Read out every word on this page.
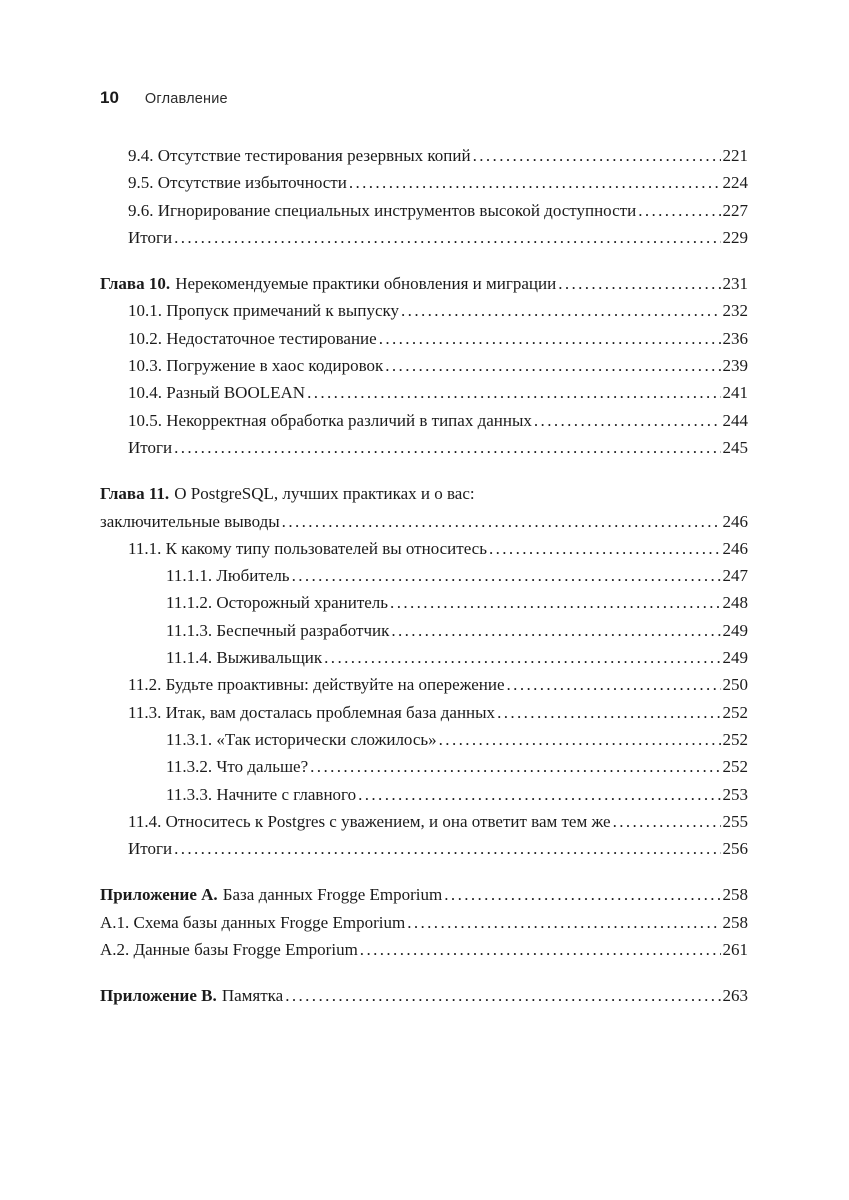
10 Оглавление
9.4. Отсутствие тестирования резервных копий .....	221
9.5. Отсутствие избыточности .....	224
9.6. Игнорирование специальных инструментов высокой доступности .....	227
Итоги .....	229
Глава 10. Нерекомендуемые практики обновления и миграции .....	231
10.1. Пропуск примечаний к выпуску .....	232
10.2. Недостаточное тестирование .....	236
10.3. Погружение в хаос кодировок .....	239
10.4. Разный BOOLEAN .....	241
10.5. Некорректная обработка различий в типах данных .....	244
Итоги .....	245
Глава 11. О PostgreSQL, лучших практиках и о вас:
заключительные выводы .....	246
11.1. К какому типу пользователей вы относитесь .....	246
11.1.1. Любитель .....	247
11.1.2. Осторожный хранитель .....	248
11.1.3. Беспечный разработчик .....	249
11.1.4. Выживальщик .....	249
11.2. Будьте проактивны: действуйте на опережение .....	250
11.3. Итак, вам досталась проблемная база данных .....	252
11.3.1. «Так исторически сложилось» .....	252
11.3.2. Что дальше? .....	252
11.3.3. Начните с главного .....	253
11.4. Относитесь к Postgres с уважением, и она ответит вам тем же .....	255
Итоги .....	256
Приложение А. База данных Frogge Emporium .....	258
А.1. Схема базы данных Frogge Emporium .....	258
А.2. Данные базы Frogge Emporium .....	261
Приложение В. Памятка .....	263
